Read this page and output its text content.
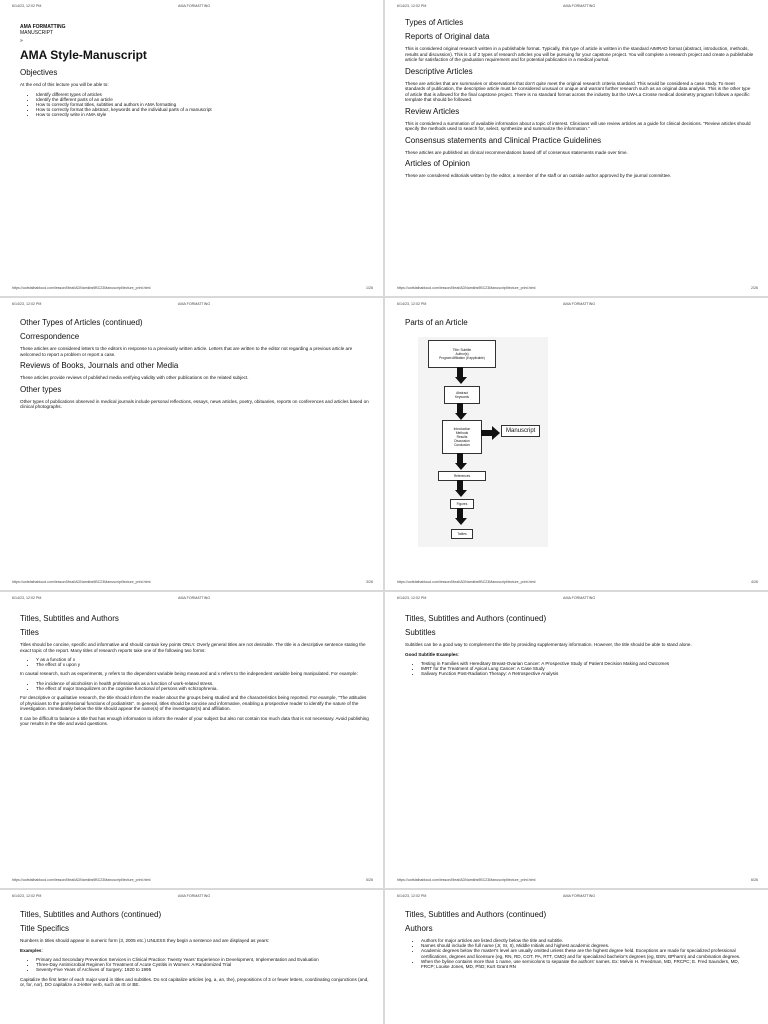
6/14/23, 12:02 PM	AMA FORMATTING
AMA FORMATTING
MANUSCRIPT
»
AMA Style-Manuscript
Objectives

At the end of this lecture you will be able to:

• Identify different types of articles
• Identify the different parts of an article
• How to correctly format titles, subtitles and authors in AMA formatting
• How to correctly format the abstract, keywords and the individual parts of a manuscript
• How to correctly write in AMA style
https://uofsfalhabloud.com/lesson/Meal/ADNamkbs9BC23Manuscript/lecture_print.html	1/26
6/14/23, 12:02 PM	AMA FORMATTING
Types of Articles
Reports of Original data

This is considered original research written in a publishable format. Typically, this type of article is written in the standard AIMRAD format (abstract, introduction, methods, results and discussion). This is 1 of 2 types of research articles you will be pursuing for your capstone project. You will complete a research project and create a publishable article for satisfaction of the graduation requirement and for potential publication in a medical journal.

Descriptive Articles

These are articles that are summaries or observations that don't quite meet the original research criteria standard. This would be considered a case study. To meet standards of publication, the descriptive article must be considered unusual or unique and warrant further research such as an original data analysis. This is the other type of article that is allowed for the final capstone project. There is no standard format across the industry but the UW-La Crosse medical dosimetry program follows a specific template that should be followed.

Review Articles

This is considered a summation of available information about a topic of interest. Clinicians will use review articles as a guide for clinical decisions. "Review articles should specify the methods used to search for, select, synthesize and summarize the information."

Consensus statements and Clinical Practice Guidelines

These articles are published as clinical recommendations based off of consensus statements made over time.

Articles of Opinion

These are considered editorials written by the editor, a member of the staff or an outside author approved by the journal committee.

https://uofsfalhabloud.com/lesson/Meal/ADNamkbs9BC23Manuscript/lecture_print.html	2/26
6/14/23, 12:02 PM	AMA FORMATTING
Other Types of Articles (continued)
Correspondence

These articles are considered letters to the editors in response to a previously written article. Letters that are written to the editor not regarding a previous article are welcomed to report a problem or report a case.

Reviews of Books, Journals and other Media

These articles provide reviews of published media verifying validity with other publications on the related subject.

Other types

Other types of publications observed in medical journals include personal reflections, essays, news articles, poetry, obituaries, reports on conferences and articles based on clinical photographs.

https://uofsfalhabloud.com/lesson/Meal/ADNamkbs9BC23Manuscript/lecture_print.html	3/26
6/14/23, 12:02 PM	AMA FORMATTING
Parts of an Article
https://uofsfalhabloud.com/lesson/Meal/ADNamkbs9BC23Manuscript/lecture_print.html	4/26
Title: Subtitle
Author(s)
Program Affiliation (if applicable)
Abstract
Keywords
Introduction
Methods
Results
Discussion
Conclusion
Manuscript
References
Figures
Tables
6/14/23, 12:02 PM	AMA FORMATTING
Titles, Subtitles and Authors
Titles

Titles should be concise, specific and informative and should contain key points ONLY. Overly general titles are not desirable. The title is a descriptive sentence stating the exact topic of the report. Many titles of research reports take one of the following two forms:

• Y as a function of x
• The effect of x upon y

In causal research, such as experiments, y refers to the dependent variable being measured and x refers to the independent variable being manipulated. For example:

• The incidence of alcoholism in health professionals as a function of work-related stress.
• The effect of major tranquilizers on the cognitive functional of persons with schizophrenia.

For descriptive or qualitative research, the title should inform the reader about the groups being studied and the characteristics being reported. For example, "The attitudes of physicians to the professional functions of podiatrists". In general, titles should be concise and informative, enabling a prospective reader to identify the nature of the investigation. Immediately below the title should appear the name(s) of the investigator(s) and affiliation.

It can be difficult to balance a title that has enough information to inform the reader of your subject but also not contain too much data that is not necessary. Avoid publishing your results in the title and avoid questions.

https://uofsfalhabloud.com/lesson/Meal/ADNamkbs9BC23Manuscript/lecture_print.html	5/26
6/14/23, 12:02 PM	AMA FORMATTING
Titles, Subtitles and Authors (continued)
Subtitles

Subtitles can be a good way to complement the title by providing supplementary information. However, the title should be able to stand alone.

Good Subtitle Examples:

• Testing in Families with Hereditary Breast-Ovarian Cancer: A Prospective Study of Patient Decision Making and Outcomes
• IMRT for the Treatment of Apical Lung Cancer: A Case Study
• Salivary Function Post-Radiation Therapy: A Retrospective Analysis
https://uofsfalhabloud.com/lesson/Meal/ADNamkbs9BC23Manuscript/lecture_print.html	6/26
6/14/23, 12:02 PM	AMA FORMATTING
Titles, Subtitles and Authors (continued)
Title Specifics

Numbers in titles should appear in numeric form (3, 2005 etc.) UNLESS they begin a sentence and are displayed as years:

Examples:

• Primary and Secondary Prevention Services in Clinical Practice: Twenty Years' Experience in Development, Implementation and Evaluation
• Three-Day Antimicrobial Regimen for Treatment of Acute Cystitis in Women: A Randomized Trial
• Seventy-Five Years of Archives of Surgery: 1920 to 1995

Capitalize the first letter of each major word in titles and subtitles. Do not capitalize articles (eg, a, an, the), prepositions of 3 or fewer letters, coordinating conjunctions (and, or, for, nor). DO capitalize a 2-letter verb, such as IS or BE.

6/14/23, 12:02 PM	AMA FORMATTING
Titles, Subtitles and Authors (continued)
Authors
• Authors for major articles are listed directly below the title and subtitle.
• Names should include the full name (Jr, Sr, II), Middle Initials and highest academic degrees.
• Academic degrees below the master's level are usually omitted unless these are the highest degree held. Exceptions are made for specialized professional certifications, degrees and licensure (eg, RN, RD, COT, PA, RTT, CMD) and for specialized bachelor's degrees (eg, BSN, BPharm) and combination degrees.
• When the byline contains more than 1 name, use semicolons to separate the authors' names. Ex: Melvin H. Freedman, MD, FRCPC; E. Fred Saunders, MD, FRCP; Louise Jones, MD, PhD; Kurt Grant RN
